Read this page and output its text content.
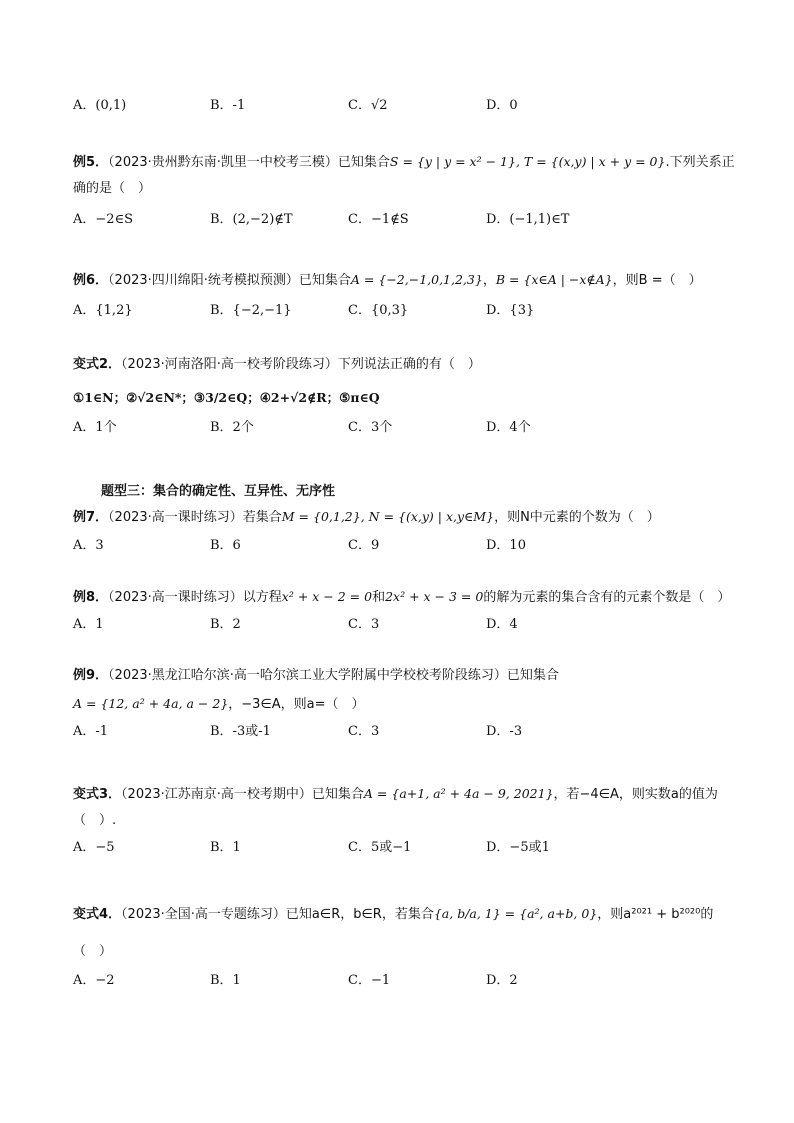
A．(0,1)	B．-1	C．√2	D．0
例5．（2023·贵州黔东南·凯里一中校考三模）已知集合S = {y | y = x² − 1}, T = {(x,y) | x + y = 0}.下列关系正
确的是（　）
A．−2∈S	B．(2,−2)∉T	C．−1∉S	D．(−1,1)∈T
例6．（2023·四川绵阳·统考模拟预测）已知集合A = {−2,−1,0,1,2,3}，B = {x∈A | −x∉A}，则B =（　）
A．{1,2}	B．{−2,−1}	C．{0,3}	D．{3}
变式2．（2023·河南洛阳·高一校考阶段练习）下列说法正确的有（　）
①1∈N；②√2∈N*；③3/2∈Q；④2+√2∉R；⑤π∈Q
A．1个	B．2个	C．3个	D．4个
题型三：集合的确定性、互异性、无序性
例7．（2023·高一课时练习）若集合M = {0,1,2}, N = {(x,y) | x,y∈M}，则N中元素的个数为（　）
A．3	B．6	C．9	D．10
例8．（2023·高一课时练习）以方程x² + x − 2 = 0和2x² + x − 3 = 0的解为元素的集合含有的元素个数是（　）
A．1	B．2	C．3	D．4
例9．（2023·黑龙江哈尔滨·高一哈尔滨工业大学附属中学校校考阶段练习）已知集合
A = {12, a² + 4a, a − 2}，−3∈A，则a=（　）
A．-1	B．-3或-1	C．3	D．-3
变式3．（2023·江苏南京·高一校考期中）已知集合A = {a+1, a² + 4a − 9, 2021}，若−4∈A，则实数a的值为
（　）.
A．−5	B．1	C．5或−1	D．−5或1
变式4．（2023·全国·高一专题练习）已知a∈R，b∈R，若集合{a, b/a, 1} = {a², a+b, 0}，则a²⁰²¹ + b²⁰²⁰的
（　）
A．−2	B．1	C．−1	D．2
